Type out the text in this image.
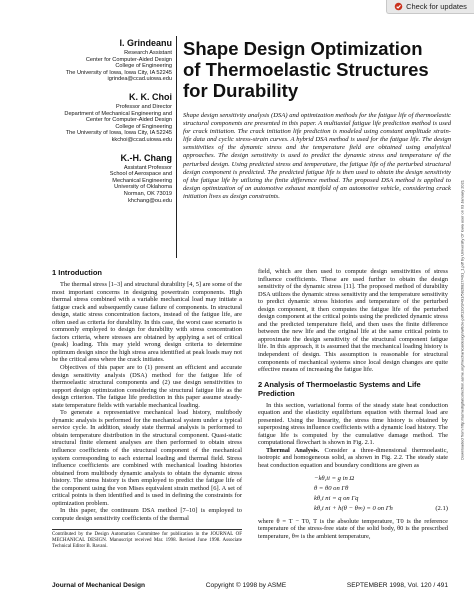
Check for updates
I. Grindeanu
Research Assistant
Center for Computer-Aided Design
College of Engineering
The University of Iowa, Iowa City, IA 52245
igrindea@ccad.uiowa.edu
K. K. Choi
Professor and Director
Department of Mechanical Engineering and
Center for Computer-Aided Design
College of Engineering
The University of Iowa, Iowa City, IA 52245
kkchoi@ccad.uiowa.edu
K.-H. Chang
Assistant Professor
School of Aerospace and
Mechanical Engineering
University of Oklahoma
Norman, OK 73019
khchang@ou.edu
Shape Design Optimization
of Thermoelastic Structures
for Durability
Shape design sensitivity analysis (DSA) and optimization methods for the fatigue life of thermoelastic structural components are presented in this paper. A multiaxial fatigue life prediction method is used for crack initiation. The crack initiation life prediction is modeled using constant amplitude strain-life data and cyclic stress-strain curves. A hybrid DSA method is used for the fatigue life. The design sensitivities of the dynamic stress and the temperature field are obtained using analytical approaches. The design sensitivity is used to predict the dynamic stress and temperature of the perturbed design. Using predicted stress and temperature, the fatigue life of the perturbed structural design component is predicted. The predicted fatigue life is then used to obtain the design sensitivity of the fatigue life by utilizing the finite difference method. The proposed DSA method is applied to design optimization of an automotive exhaust manifold of an automotive vehicle, considering crack initiation lives as design constraints.	Downloaded from http://asmedigitalcollection.asme.org/mechanicaldesign/article-pdf/120/3/491/5826827/491_1.pdf by University Of Iowa user on 03 January 2021
1 Introduction

The thermal stress [1–3] and structural durability [4, 5] are some of the most important concerns in designing powertrain components. High thermal stress combined with a variable mechanical load may initiate a fatigue crack and subsequently cause failure of components. In structural design, static stress concentration factors, instead of the fatigue life, are often used as criteria for durability. In this case, the worst case scenario is commonly employed to design for durability with stress concentration factors criteria, where stresses are obtained by applying a set of critical (peak) loading. This may yield wrong design criteria to determine optimum design since the high stress area identified at peak loads may not be the critical area where the crack initiates.

Objectives of this paper are to (1) present an efficient and accurate design sensitivity analysis (DSA) method for the fatigue life of thermoelastic structural components and (2) use design sensitivities to support design optimization considering the structural fatigue life as the design criterion. The fatigue life prediction in this paper assume steady-state temperature fields with variable mechanical loading.

To generate a representative mechanical load history, multibody dynamic analysis is performed for the mechanical system under a typical service cycle. In addition, steady state thermal analysis is performed to obtain temperature distribution in the structural component. Quasi-static structural finite element analyses are then performed to obtain stress influence coefficients of the structural component of the mechanical system corresponding to each external loading and thermal field. Stress influence coefficients are combined with mechanical loading histories obtained from multibody dynamic analysis to obtain the dynamic stress history. The stress history is then employed to predict the fatigue life of the component using the von Mises equivalent strain method [6]. A set of critical points is then identified and is used in defining the constraints for optimization problem.

In this paper, the continuum DSA method [7–10] is employed to compute design sensitivity coefficients of the thermal

Contributed by the Design Automation Committee for publication in the JOURNAL OF MECHANICAL DESIGN. Manuscript received Mar. 1998. Revised June 1998. Associate Technical Editor B. Ravani.

field, which are then used to compute design sensitivities of stress influence coefficients. These are used further to obtain the design sensitivity of the dynamic stress [11]. The proposed method of durability DSA utilizes the dynamic stress sensitivity and the temperature sensitivity to predict dynamic stress histories and temperature of the perturbed design component, it then computes the fatigue life of the perturbed design component at the critical points using the predicted dynamic stress and the predicted temperature field, and then uses the finite difference between the new life and the original life at the same critical points to approximate the design sensitivity of the structural component fatigue life. In this approach, it is assumed that the mechanical loading history is independent of design. This assumption is reasonable for structural components of mechanical systems since local design changes are quite effective means of increasing the fatigue life.

2 Analysis of Thermoelastic Systems and Life Prediction

In this section, variational forms of the steady state heat conduction equation and the elasticity equilibrium equation with thermal load are presented. Using the linearity, the stress time history is obtained by superposing stress influence coefficients with a dynamic load history. The fatigue life is computed by the cumulative damage method. The computational flowchart is shown in Fig. 2.1.

Thermal Analysis. Consider a three-dimensional thermoelastic, isotropic and homogeneous solid, as shown in Fig. 2.2. The steady state heat conduction equation and boundary conditions are given as

−kθ,ii = g in Ω
θ = θ0 on Γθ
kθ,i ni = q on Γq
kθ,i ni + h(θ − θ∞) = 0 on Γh	(2.1)

where θ = T − T0, T is the absolute temperature, T0 is the reference temperature of the stress-free state of the solid body, θ0 is the prescribed temperature, θ∞ is the ambient temperature,

Journal of Mechanical Design	Copyright © 1998 by ASME	SEPTEMBER 1998, Vol. 120 / 491
